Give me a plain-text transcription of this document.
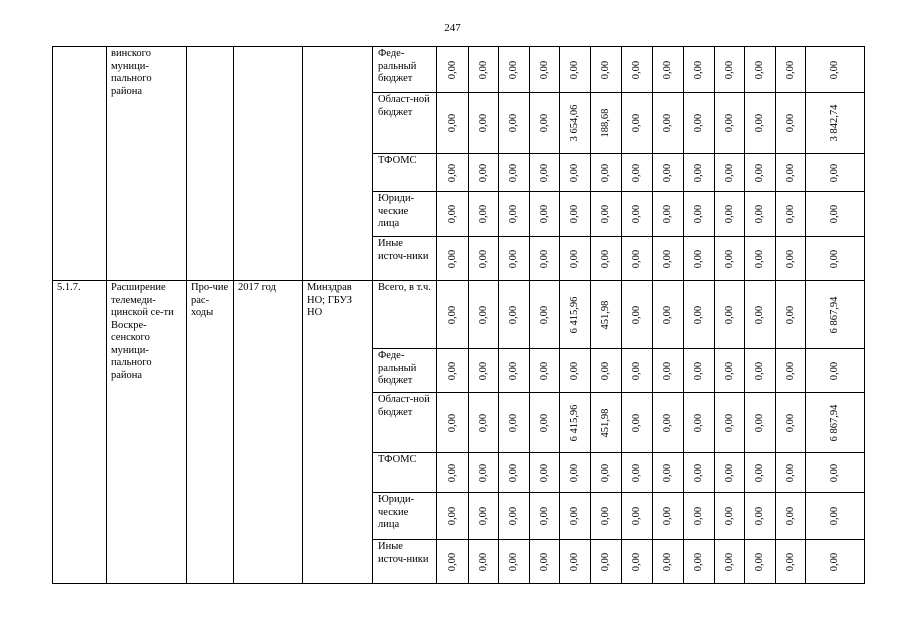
247
	винского муници-пального района				Феде-ральный бюджет	0,00	0,00	0,00	0,00	0,00	0,00	0,00	0,00	0,00	0,00	0,00	0,00	0,00

					Област-ной бюджет	0,00	0,00	0,00	0,00	3 654,06	188,68	0,00	0,00	0,00	0,00	0,00	0,00	3 842,74

					ТФОМС	0,00	0,00	0,00	0,00	0,00	0,00	0,00	0,00	0,00	0,00	0,00	0,00	0,00

					Юриди-ческие лица	0,00	0,00	0,00	0,00	0,00	0,00	0,00	0,00	0,00	0,00	0,00	0,00	0,00

					Иные источ-ники	0,00	0,00	0,00	0,00	0,00	0,00	0,00	0,00	0,00	0,00	0,00	0,00	0,00

5.1.7.	Расширение телемеди-цинской се-ти Воскре-сенского муници-пального района	Про-чие рас-ходы	2017 год	Минздрав НО; ГБУЗ НО	Всего, в т.ч.	0,00	0,00	0,00	0,00	6 415,96	451,98	0,00	0,00	0,00	0,00	0,00	0,00	6 867,94

					Феде-ральный бюджет	0,00	0,00	0,00	0,00	0,00	0,00	0,00	0,00	0,00	0,00	0,00	0,00	0,00

					Област-ной бюджет	0,00	0,00	0,00	0,00	6 415,96	451,98	0,00	0,00	0,00	0,00	0,00	0,00	6 867,94

					ТФОМС	0,00	0,00	0,00	0,00	0,00	0,00	0,00	0,00	0,00	0,00	0,00	0,00	0,00

					Юриди-ческие лица	0,00	0,00	0,00	0,00	0,00	0,00	0,00	0,00	0,00	0,00	0,00	0,00	0,00

					Иные источ-ники	0,00	0,00	0,00	0,00	0,00	0,00	0,00	0,00	0,00	0,00	0,00	0,00	0,00
